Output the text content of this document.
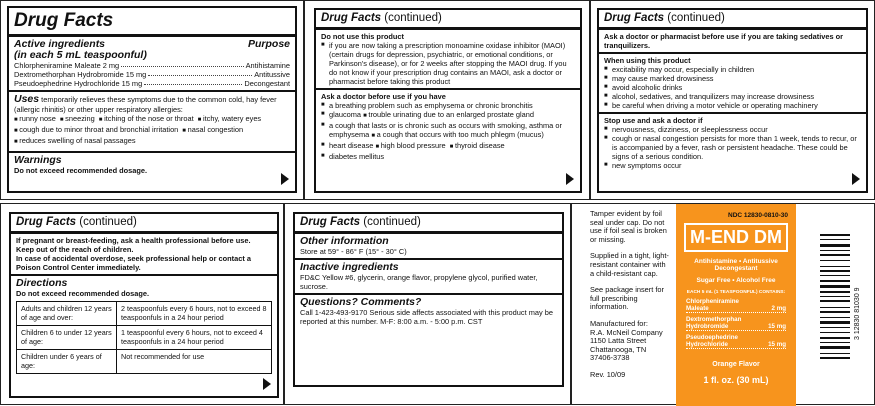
Drug Facts
Active ingredients	Purpose
(in each 5 mL teaspoonful)
Chlorpheniramine Maleate 2 mg	Antihistamine
Dextromethorphan Hydrobromide 15 mg	Antitussive
Pseudoephedrine Hydrochloride 15 mg	Decongestant
Uses temporarily relieves these symptoms due to the common cold, hay fever (allergic rhinitis) or other upper respiratory allergies:
■ runny nose ■ sneezing ■ itching of the nose or throat ■ itchy, watery eyes
■ cough due to minor throat and bronchial irritation ■ nasal congestion
■ reduces swelling of nasal passages
Warnings
Do not exceed recommended dosage.
Drug Facts (continued)
Do not use this product
■ if you are now taking a prescription monoamine oxidase inhibitor (MAOI) (certain drugs for depression, psychiatric, or emotional conditions, or Parkinson's disease), or for 2 weeks after stopping the MAOI drug. If you do not know if your prescription drug contains an MAOI, ask a doctor or pharmacist before taking this product
Ask a doctor before use if you have
■ a breathing problem such as emphysema or chronic bronchitis
■ glaucoma ■ trouble urinating due to an enlarged prostate gland
■ a cough that lasts or is chronic such as occurs with smoking, asthma or emphysema ■ a cough that occurs with too much phlegm (mucus)
■ heart disease ■ high blood pressure ■ thyroid disease
■ diabetes mellitus
Drug Facts (continued)
Ask a doctor or pharmacist before use if you are taking sedatives or tranquilizers.
When using this product
■ excitability may occur, especially in children
■ may cause marked drowsiness
■ avoid alcoholic drinks
■ alcohol, sedatives, and tranquilizers may increase drowsiness
■ be careful when driving a motor vehicle or operating machinery
Stop use and ask a doctor if
■ nervousness, dizziness, or sleeplessness occur
■ cough or nasal congestion persists for more than 1 week, tends to recur, or is accompanied by a fever, rash or persistent headache. These could be signs of a serious condition.
■ new symptoms occur
Drug Facts (continued)
If pregnant or breast-feeding, ask a health professional before use.
Keep out of the reach of children.
In case of accidental overdose, seek professional help or contact a Poison Control Center immediately.
Directions
Do not exceed recommended dosage.
Adults and children 12 years of age and over:	2 teaspoonfuls every 6 hours, not to exceed 8 teaspoonfuls in a 24 hour period
Children 6 to under 12 years of age:	1 teaspoonful every 6 hours, not to exceed 4 teaspoonfuls in a 24 hour period
Children under 6 years of age:	Not recommended for use
Drug Facts (continued)
Other information
Store at 59° - 86° F (15° - 30° C)
Inactive ingredients
FD&C Yellow #6, glycerin, orange flavor, propylene glycol, purified water, sucrose.
Questions? Comments?
Call 1-423-493-9170 Serious side affects associated with this product may be reported at this number. M-F: 8:00 a.m. - 5:00 p.m. CST
Tamper evident by foil seal under cap. Do not use if foil seal is broken or missing.
Supplied in a tight, light-resistant container with a child-resistant cap.
See package insert for full prescribing information.
Manufactured for:
R.A. McNeil Company
1150 Latta Street
Chattanooga, TN
37406-3738
Rev. 10/09
NDC 12830-0810-30
M-END DM
Antihistamine • Antitussive
Decongestant
Sugar Free • Alcohol Free
EACH 5 mL (1 TEASPOONFUL) CONTAINS:
Chlorpheniramine
Maleate	2 mg
Dextromethorphan
Hydrobromide	15 mg
Pseudoephedrine
Hydrochloride	15 mg
Orange Flavor
1 fl. oz. (30 mL)
3 12830 81030 9
